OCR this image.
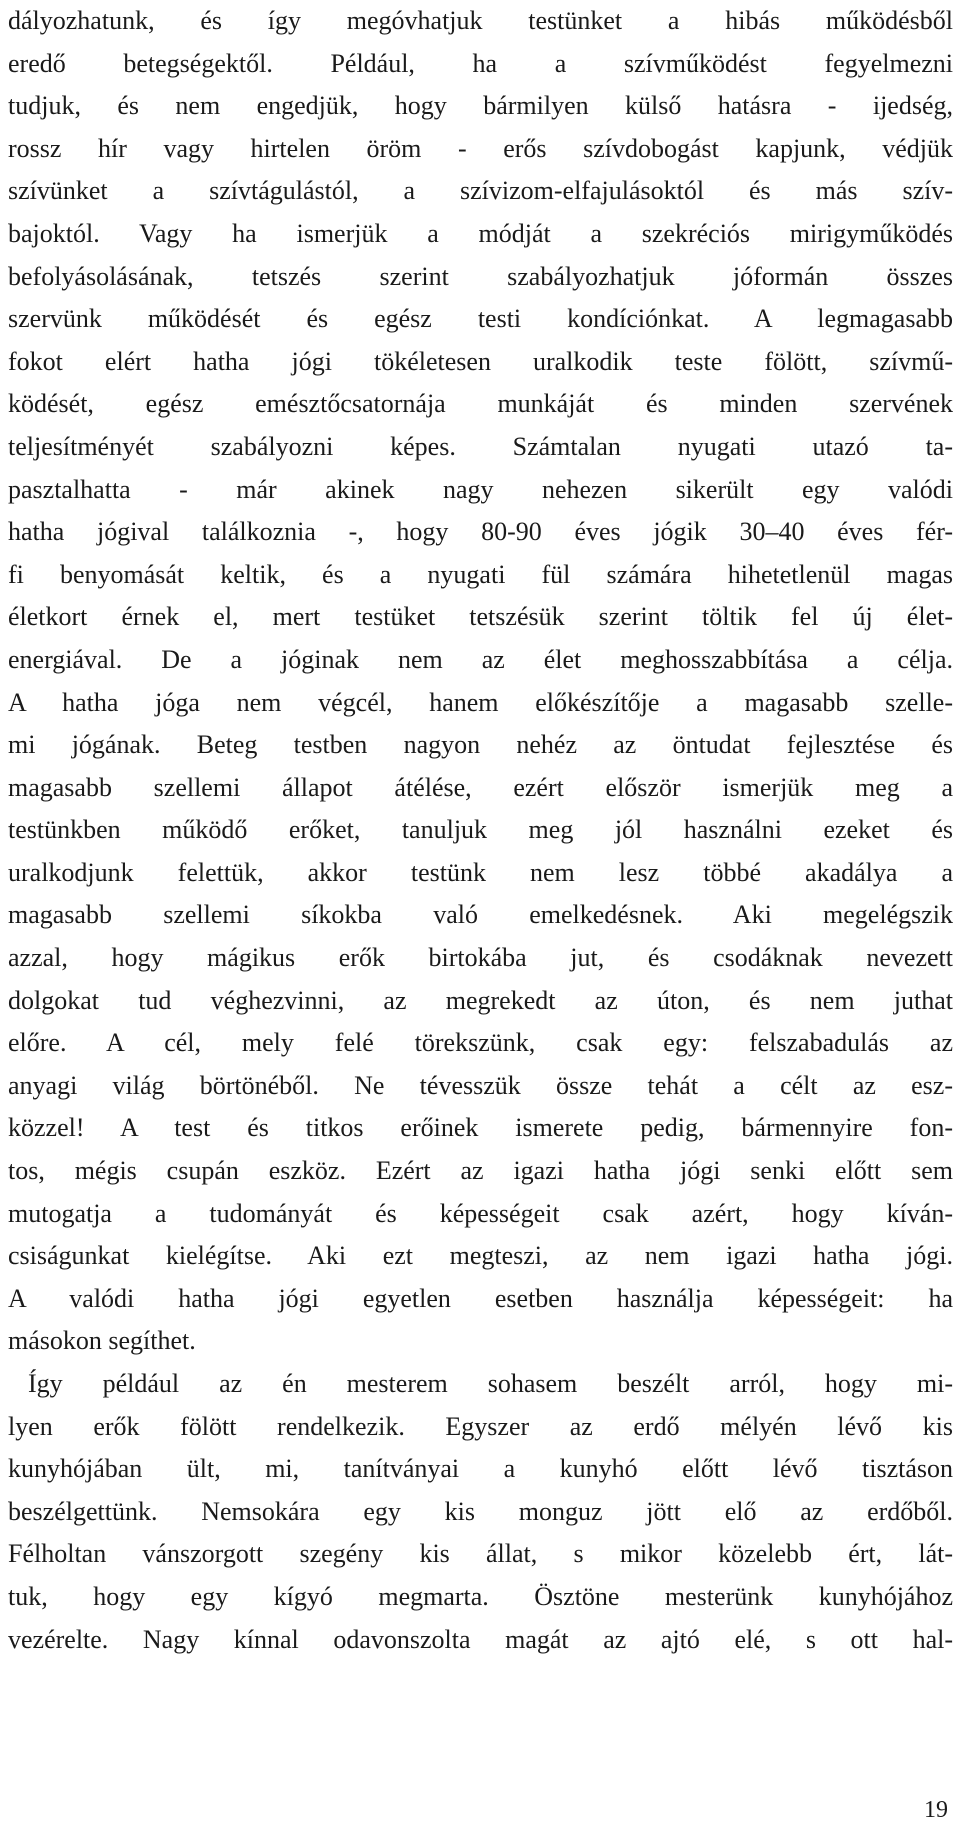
dályozhatunk, és így megóvhatjuk testünket a hibás működésből
eredő betegségektől. Például, ha a szívműködést fegyelmezni
tudjuk, és nem engedjük, hogy bármilyen külső hatásra - ijedség,
rossz hír vagy hirtelen öröm - erős szívdobogást kapjunk, védjük
szívünket a szívtágulástól, a szívizom-elfajulásoktól és más szív-
bajoktól. Vagy ha ismerjük a módját a szekréciós mirigyműködés
befolyásolásának, tetszés szerint szabályozhatjuk jóformán összes
szervünk működését és egész testi kondíciónkat. A legmagasabb
fokot elért hatha jógi tökéletesen uralkodik teste fölött, szívmű-
ködését, egész emésztőcsatornája munkáját és minden szervének
teljesítményét szabályozni képes. Számtalan nyugati utazó ta-
pasztalhatta - már akinek nagy nehezen sikerült egy valódi
hatha jógival találkoznia -, hogy 80-90 éves jógik 30–40 éves fér-
fi benyomását keltik, és a nyugati fül számára hihetetlenül magas
életkort érnek el, mert testüket tetszésük szerint töltik fel új élet-
energiával. De a jóginak nem az élet meghosszabbítása a célja.
A hatha jóga nem végcél, hanem előkészítője a magasabb szelle-
mi jógának. Beteg testben nagyon nehéz az öntudat fejlesztése és
magasabb szellemi állapot átélése, ezért először ismerjük meg a
testünkben működő erőket, tanuljuk meg jól használni ezeket és
uralkodjunk felettük, akkor testünk nem lesz többé akadálya a
magasabb szellemi síkokba való emelkedésnek. Aki megelégszik
azzal, hogy mágikus erők birtokába jut, és csodáknak nevezett
dolgokat tud véghezvinni, az megrekedt az úton, és nem juthat
előre. A cél, mely felé törekszünk, csak egy: felszabadulás az
anyagi világ börtönéből. Ne tévesszük össze tehát a célt az esz-
közzel! A test és titkos erőinek ismerete pedig, bármennyire fon-
tos, mégis csupán eszköz. Ezért az igazi hatha jógi senki előtt sem
mutogatja a tudományát és képességeit csak azért, hogy kíván-
csiságunkat kielégítse. Aki ezt megteszi, az nem igazi hatha jógi.
A valódi hatha jógi egyetlen esetben használja képességeit: ha
másokon segíthet.
Így például az én mesterem sohasem beszélt arról, hogy mi-
lyen erők fölött rendelkezik. Egyszer az erdő mélyén lévő kis
kunyhójában ült, mi, tanítványai a kunyhó előtt lévő tisztáson
beszélgettünk. Nemsokára egy kis monguz jött elő az erdőből.
Félholtan vánszorgott szegény kis állat, s mikor közelebb ért, lát-
tuk, hogy egy kígyó megmarta. Ösztöne mesterünk kunyhójához
vezérelte. Nagy kínnal odavonszolta magát az ajtó elé, s ott hal-
19
